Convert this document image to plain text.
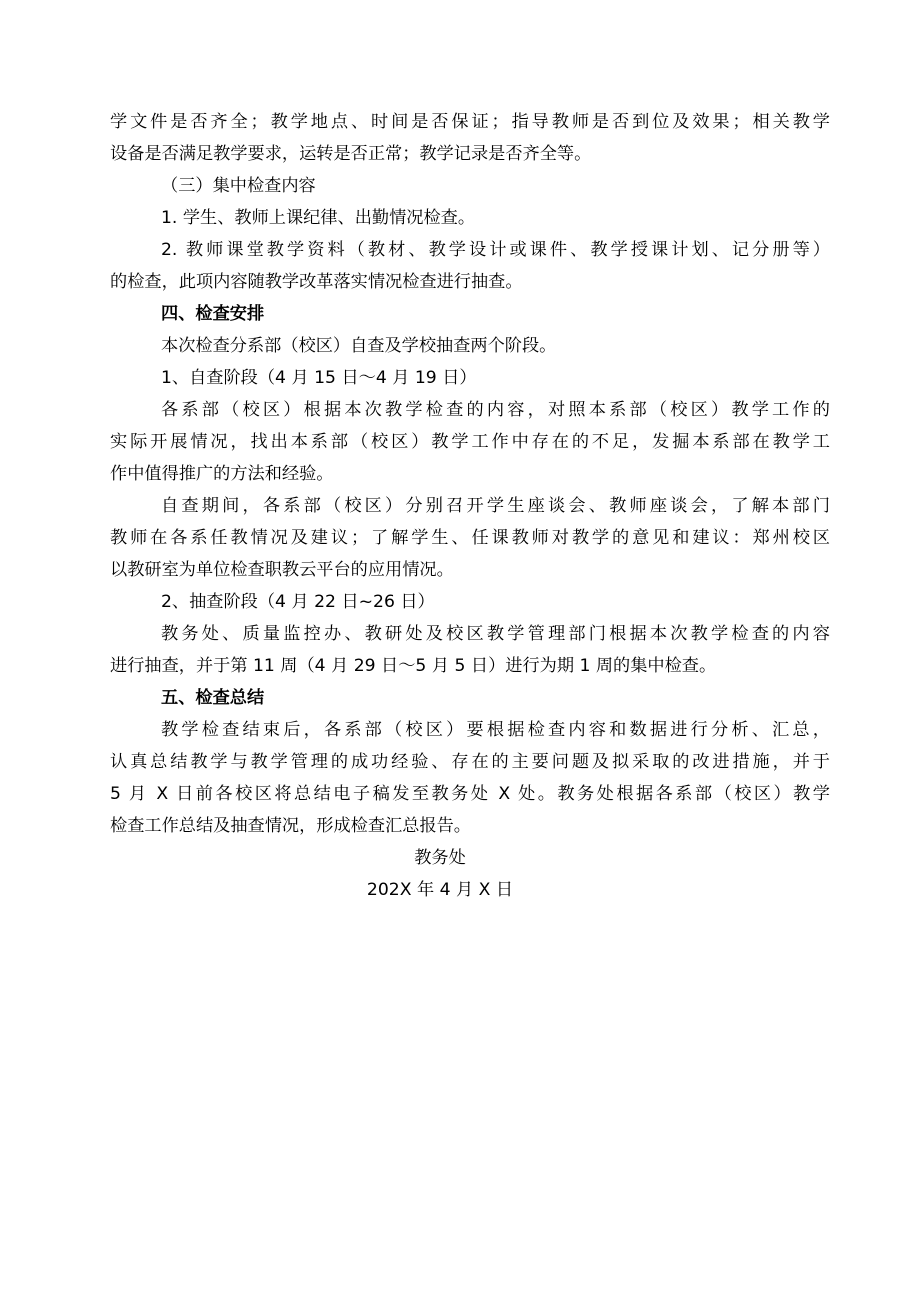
学文件是否齐全；教学地点、时间是否保证；指导教师是否到位及效果；相关教学
设备是否满足教学要求，运转是否正常；教学记录是否齐全等。
（三）集中检查内容
1. 学生、教师上课纪律、出勤情况检查。
2. 教师课堂教学资料（教材、教学设计或课件、教学授课计划、记分册等）
的检查，此项内容随教学改革落实情况检查进行抽查。
四、检查安排
本次检查分系部（校区）自查及学校抽查两个阶段。
1、自查阶段（4 月 15 日～4 月 19 日）
各系部（校区）根据本次教学检查的内容，对照本系部（校区）教学工作的
实际开展情况，找出本系部（校区）教学工作中存在的不足，发掘本系部在教学工
作中值得推广的方法和经验。
自查期间，各系部（校区）分别召开学生座谈会、教师座谈会，了解本部门
教师在各系任教情况及建议；了解学生、任课教师对教学的意见和建议：郑州校区
以教研室为单位检查职教云平台的应用情况。
2、抽查阶段（4 月 22 日~26 日）
教务处、质量监控办、教研处及校区教学管理部门根据本次教学检查的内容
进行抽查，并于第 11 周（4 月 29 日～5 月 5 日）进行为期 1 周的集中检查。
五、检查总结
教学检查结束后，各系部（校区）要根据检查内容和数据进行分析、汇总，
认真总结教学与教学管理的成功经验、存在的主要问题及拟采取的改进措施，并于
5 月 X 日前各校区将总结电子稿发至教务处 X 处。教务处根据各系部（校区）教学
检查工作总结及抽查情况，形成检查汇总报告。
教务处
202X 年 4 月 X 日
